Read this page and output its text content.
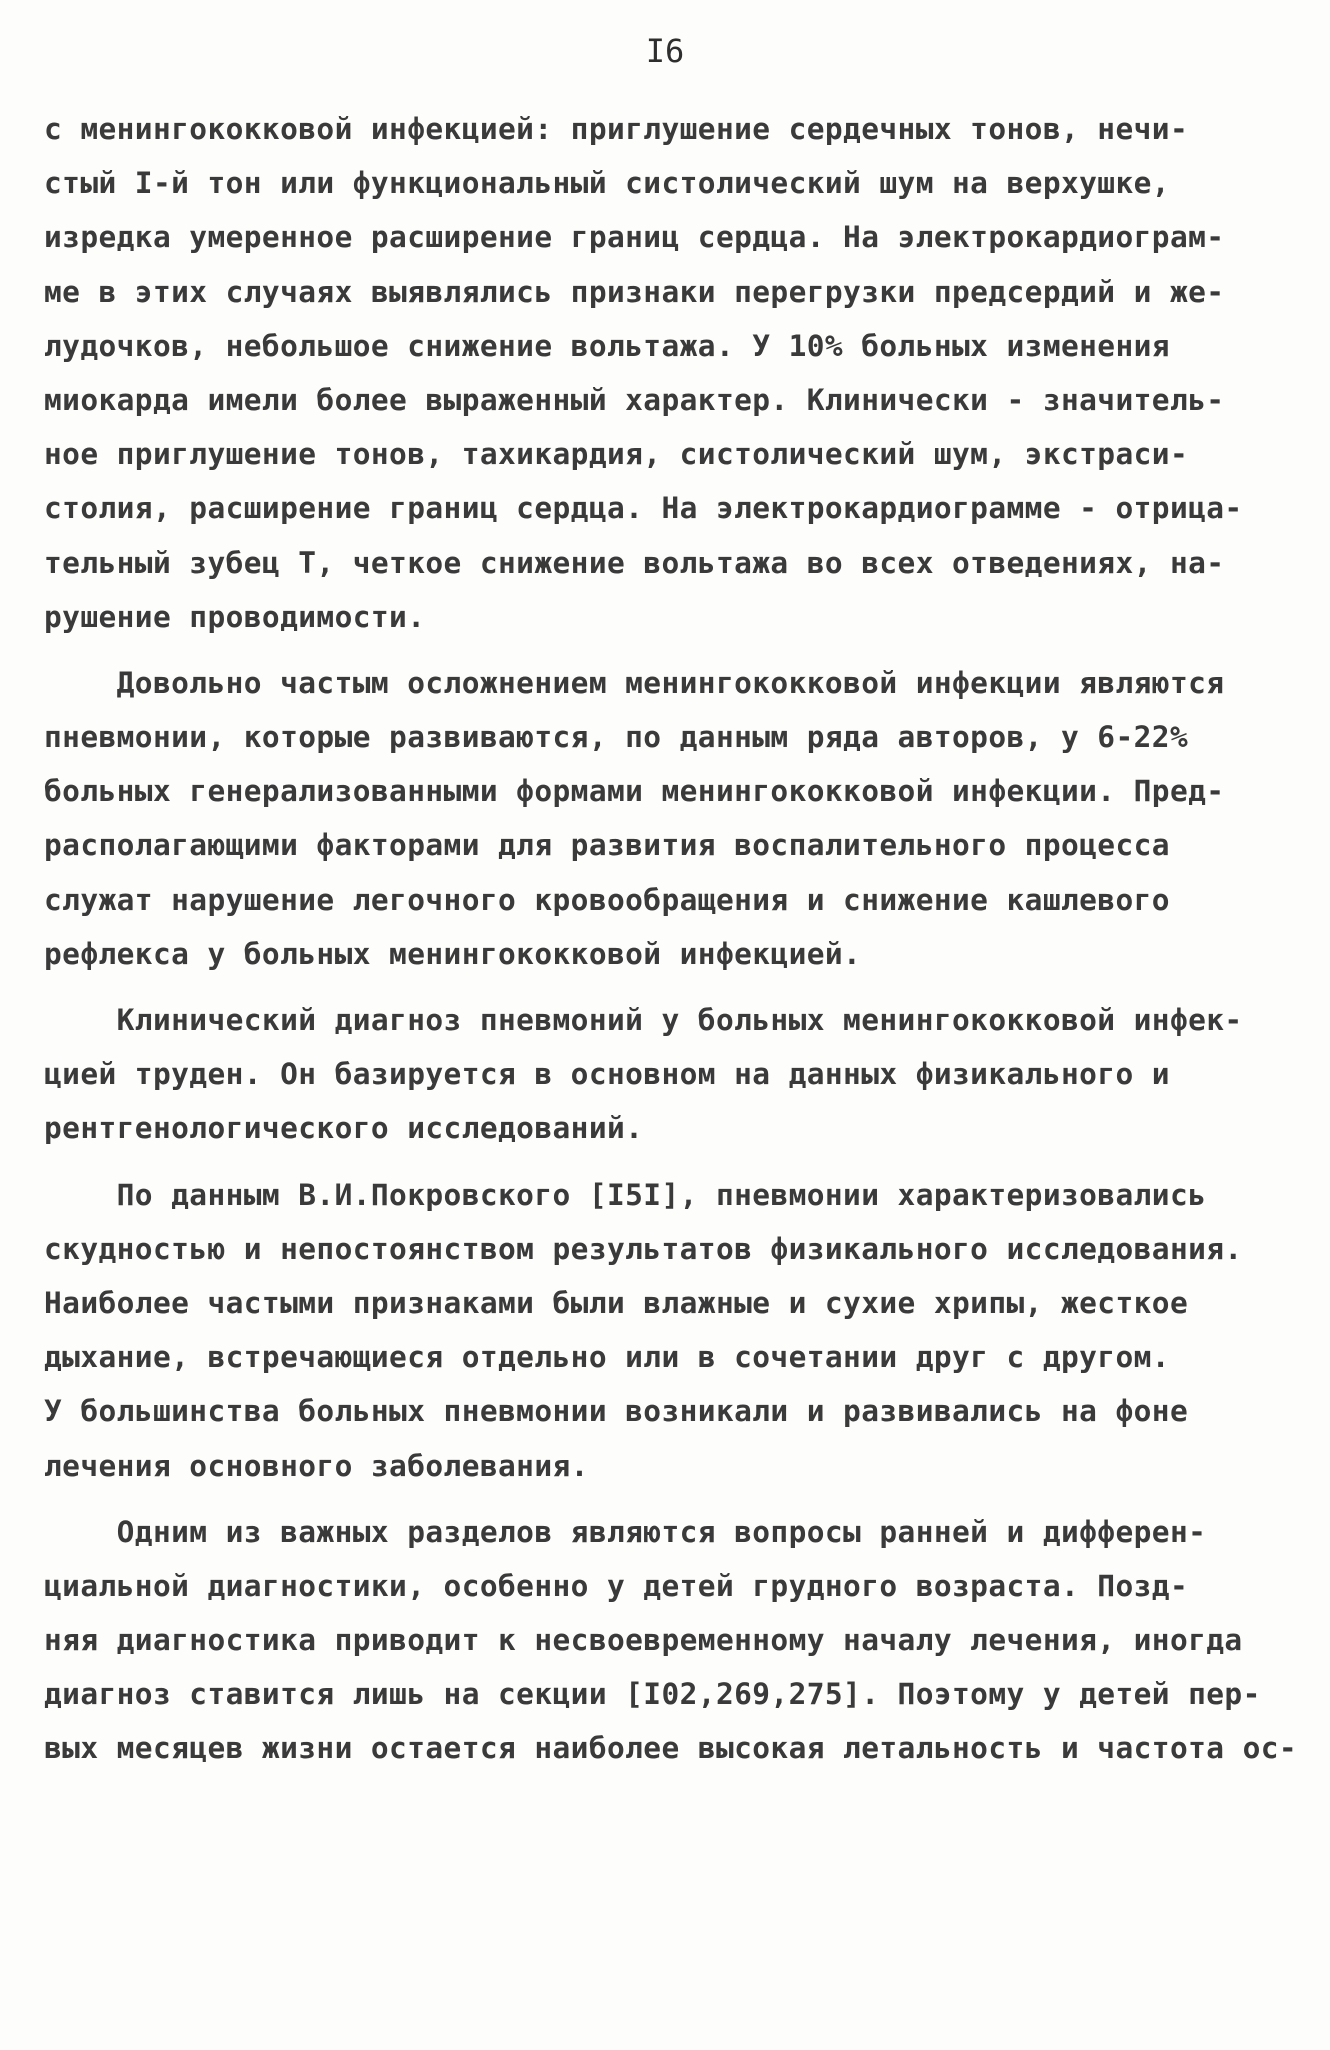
I6
с менингококковой инфекцией: приглушение сердечных тонов, нечи-
стый I-й тон или функциональный систолический шум на верхушке,
изредка умеренное расширение границ сердца. На электрокардиограм-
ме в этих случаях выявлялись признаки перегрузки предсердий и же-
лудочков, небольшое снижение вольтажа. У 10% больных изменения
миокарда имели более выраженный характер. Клинически - значитель-
ное приглушение тонов, тахикардия, систолический шум, экстраси-
столия, расширение границ сердца. На электрокардиограмме - отрица-
тельный зубец Т, четкое снижение вольтажа во всех отведениях, на-
рушение проводимости.
Довольно частым осложнением менингококковой инфекции являются
пневмонии, которые развиваются, по данным ряда авторов, у 6-22%
больных генерализованными формами менингококковой инфекции. Пред-
располагающими факторами для развития воспалительного процесса
служат нарушение легочного кровообращения и снижение кашлевого
рефлекса у больных менингококковой инфекцией.
Клинический диагноз пневмоний у больных менингококковой инфек-
цией труден. Он базируется в основном на данных физикального и
рентгенологического исследований.
По данным В.И.Покровского [I5I], пневмонии характеризовались
скудностью и непостоянством результатов физикального исследования.
Наиболее частыми признаками были влажные и сухие хрипы, жесткое
дыхание, встречающиеся отдельно или в сочетании друг с другом.
У большинства больных пневмонии возникали и развивались на фоне
лечения основного заболевания.
Одним из важных разделов являются вопросы ранней и дифферен-
циальной диагностики, особенно у детей грудного возраста. Позд-
няя диагностика приводит к несвоевременному началу лечения, иногда
диагноз ставится лишь на секции [I02,269,275]. Поэтому у детей пер-
вых месяцев жизни остается наиболее высокая летальность и частота ос-
